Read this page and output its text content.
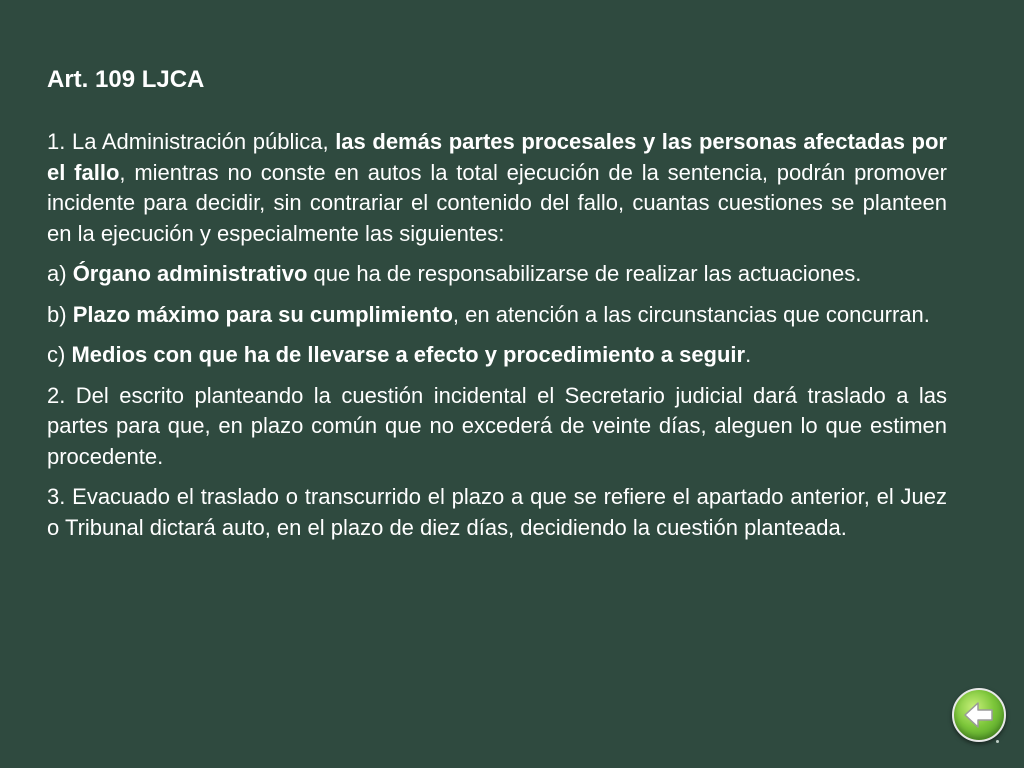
Art. 109 LJCA

1. La Administración pública, las demás partes procesales y las personas afectadas por el fallo, mientras no conste en autos la total ejecución de la sentencia, podrán promover incidente para decidir, sin contrariar el contenido del fallo, cuantas cuestiones se planteen en la ejecución y especialmente las siguientes:

a) Órgano administrativo que ha de responsabilizarse de realizar las actuaciones.

b) Plazo máximo para su cumplimiento, en atención a las circunstancias que concurran.

c) Medios con que ha de llevarse a efecto y procedimiento a seguir.

2. Del escrito planteando la cuestión incidental el Secretario judicial dará traslado a las partes para que, en plazo común que no excederá de veinte días, aleguen lo que estimen procedente.

3. Evacuado el traslado o transcurrido el plazo a que se refiere el apartado anterior, el Juez o Tribunal dictará auto, en el plazo de diez días, decidiendo la cuestión planteada.
